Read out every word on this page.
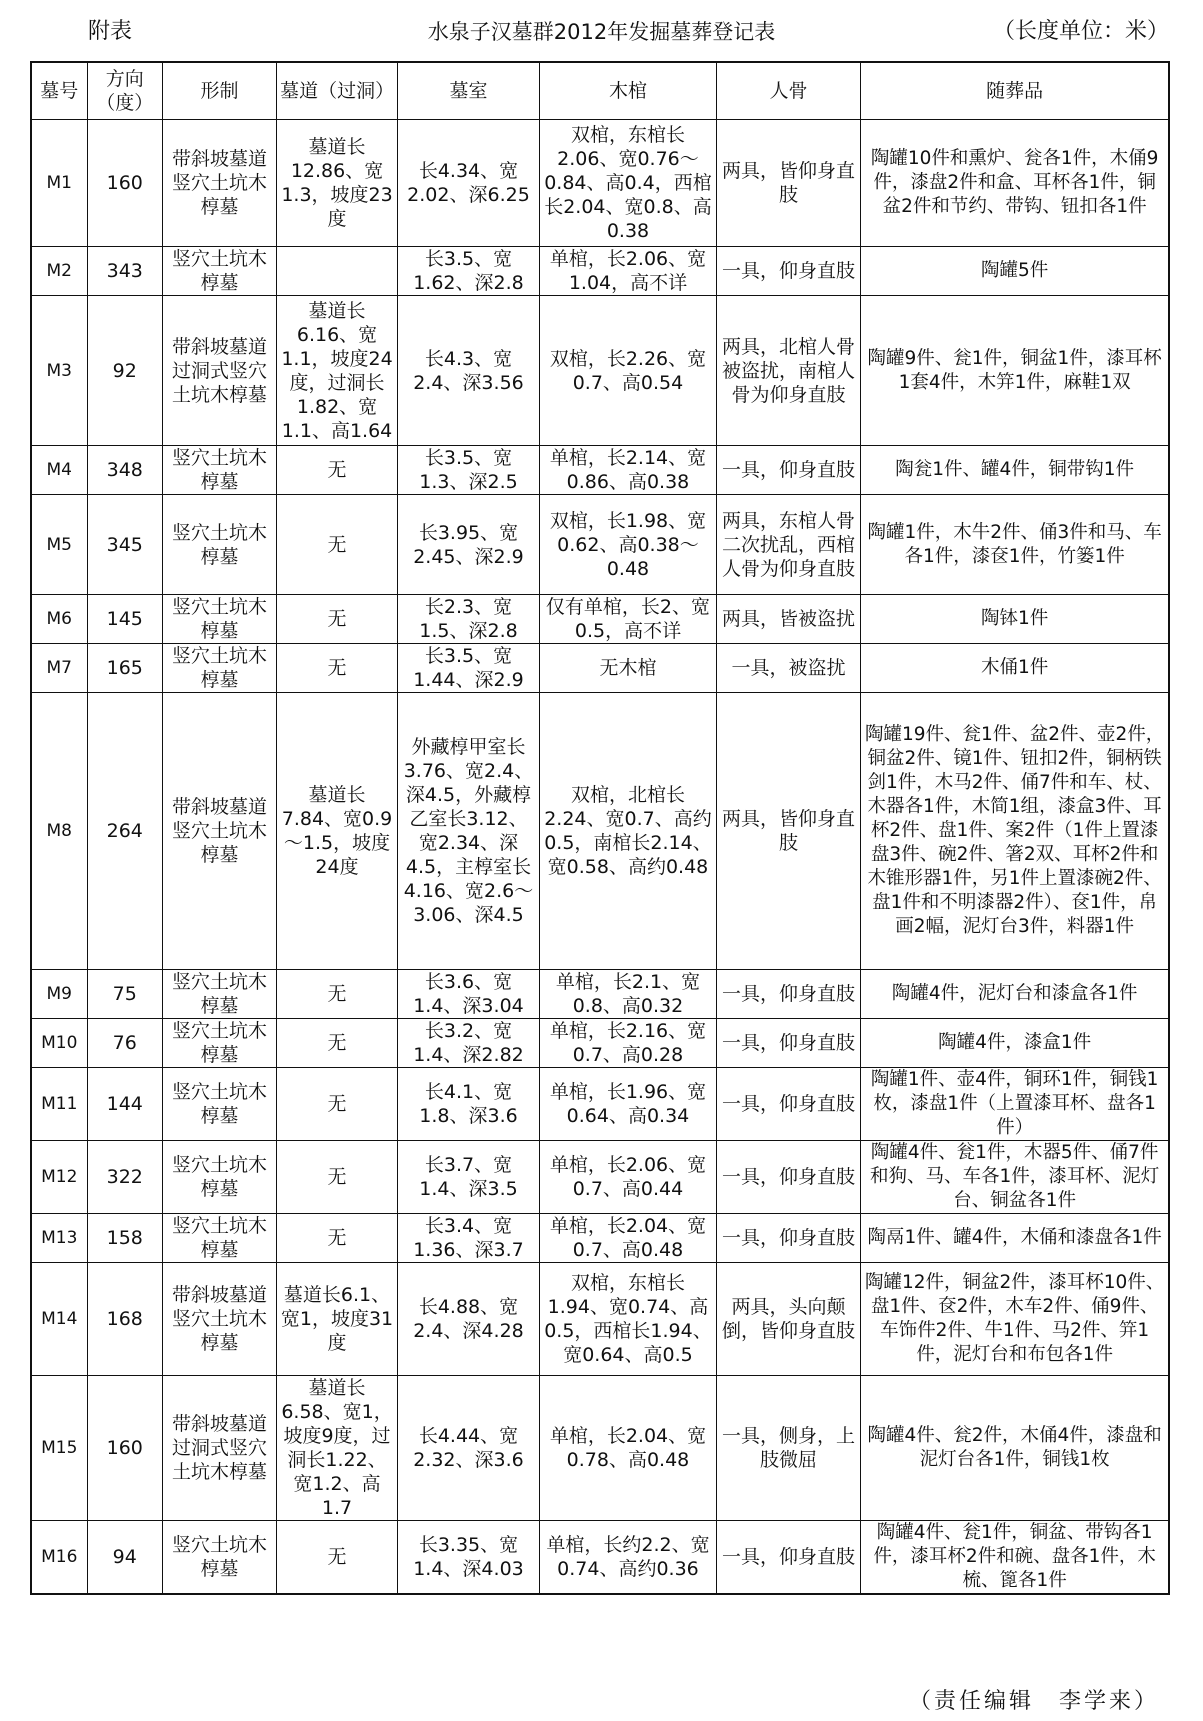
附表	水泉子汉墓群2012年发掘墓葬登记表	（长度单位：米）
墓号	方向（度）	形制	墓道（过洞）	墓室	木棺	人骨	随葬品
M1	160	带斜坡墓道竖穴土坑木椁墓	墓道长12.86、宽1.3，坡度23度	长4.34、宽2.02、深6.25	双棺，东棺长2.06、宽0.76～0.84、高0.4，西棺长2.04、宽0.8、高0.38	两具，皆仰身直肢	陶罐10件和熏炉、瓮各1件，木俑9件，漆盘2件和盒、耳杯各1件，铜盆2件和节约、带钩、钮扣各1件
M2	343	竖穴土坑木椁墓		长3.5、宽1.62、深2.8	单棺，长2.06、宽1.04，高不详	一具，仰身直肢	陶罐5件
M3	92	带斜坡墓道过洞式竖穴土坑木椁墓	墓道长6.16、宽1.1，坡度24度，过洞长1.82、宽1.1、高1.64	长4.3、宽2.4、深3.56	双棺，长2.26、宽0.7、高0.54	两具，北棺人骨被盗扰，南棺人骨为仰身直肢	陶罐9件、瓮1件，铜盆1件，漆耳杯1套4件，木笄1件，麻鞋1双
M4	348	竖穴土坑木椁墓	无	长3.5、宽1.3、深2.5	单棺，长2.14、宽0.86、高0.38	一具，仰身直肢	陶瓮1件、罐4件，铜带钩1件
M5	345	竖穴土坑木椁墓	无	长3.95、宽2.45、深2.9	双棺，长1.98、宽0.62、高0.38～0.48	两具，东棺人骨二次扰乱，西棺人骨为仰身直肢	陶罐1件，木牛2件、俑3件和马、车各1件，漆奁1件，竹篓1件
M6	145	竖穴土坑木椁墓	无	长2.3、宽1.5、深2.8	仅有单棺，长2、宽0.5，高不详	两具，皆被盗扰	陶钵1件
M7	165	竖穴土坑木椁墓	无	长3.5、宽1.44、深2.9	无木棺	一具，被盗扰	木俑1件
M8	264	带斜坡墓道竖穴土坑木椁墓	墓道长7.84、宽0.9～1.5，坡度24度	外藏椁甲室长3.76、宽2.4、深4.5，外藏椁乙室长3.12、宽2.34、深4.5，主椁室长4.16、宽2.6～3.06、深4.5	双棺，北棺长2.24、宽0.7、高约0.5，南棺长2.14、宽0.58、高约0.48	两具，皆仰身直肢	陶罐19件、瓮1件、盆2件、壶2件，铜盆2件、镜1件、钮扣2件，铜柄铁剑1件，木马2件、俑7件和车、杖、木器各1件，木简1组，漆盒3件、耳杯2件、盘1件、案2件（1件上置漆盘3件、碗2件、箸2双、耳杯2件和木锥形器1件，另1件上置漆碗2件、盘1件和不明漆器2件）、奁1件，帛画2幅，泥灯台3件，料器1件
M9	75	竖穴土坑木椁墓	无	长3.6、宽1.4、深3.04	单棺，长2.1、宽0.8、高0.32	一具，仰身直肢	陶罐4件，泥灯台和漆盒各1件
M10	76	竖穴土坑木椁墓	无	长3.2、宽1.4、深2.82	单棺，长2.16、宽0.7、高0.28	一具，仰身直肢	陶罐4件，漆盒1件
M11	144	竖穴土坑木椁墓	无	长4.1、宽1.8、深3.6	单棺，长1.96、宽0.64、高0.34	一具，仰身直肢	陶罐1件、壶4件，铜环1件，铜钱1枚，漆盘1件（上置漆耳杯、盘各1件）
M12	322	竖穴土坑木椁墓	无	长3.7、宽1.4、深3.5	单棺，长2.06、宽0.7、高0.44	一具，仰身直肢	陶罐4件、瓮1件，木器5件、俑7件和狗、马、车各1件，漆耳杯、泥灯台、铜盆各1件
M13	158	竖穴土坑木椁墓	无	长3.4、宽1.36、深3.7	单棺，长2.04、宽0.7、高0.48	一具，仰身直肢	陶鬲1件、罐4件，木俑和漆盘各1件
M14	168	带斜坡墓道竖穴土坑木椁墓	墓道长6.1、宽1，坡度31度	长4.88、宽2.4、深4.28	双棺，东棺长1.94、宽0.74、高0.5，西棺长1.94、宽0.64、高0.5	两具，头向颠倒，皆仰身直肢	陶罐12件，铜盆2件，漆耳杯10件、盘1件、奁2件，木车2件、俑9件、车饰件2件、牛1件、马2件、笄1件，泥灯台和布包各1件
M15	160	带斜坡墓道过洞式竖穴土坑木椁墓	墓道长6.58、宽1，坡度9度，过洞长1.22、宽1.2、高1.7	长4.44、宽2.32、深3.6	单棺，长2.04、宽0.78、高0.48	一具，侧身，上肢微屈	陶罐4件、瓮2件，木俑4件，漆盘和泥灯台各1件，铜钱1枚
M16	94	竖穴土坑木椁墓	无	长3.35、宽1.4、深4.03	单棺，长约2.2、宽0.74、高约0.36	一具，仰身直肢	陶罐4件、瓮1件，铜盆、带钩各1件，漆耳杯2件和碗、盘各1件，木梳、篦各1件
（责任编辑　李学来）
